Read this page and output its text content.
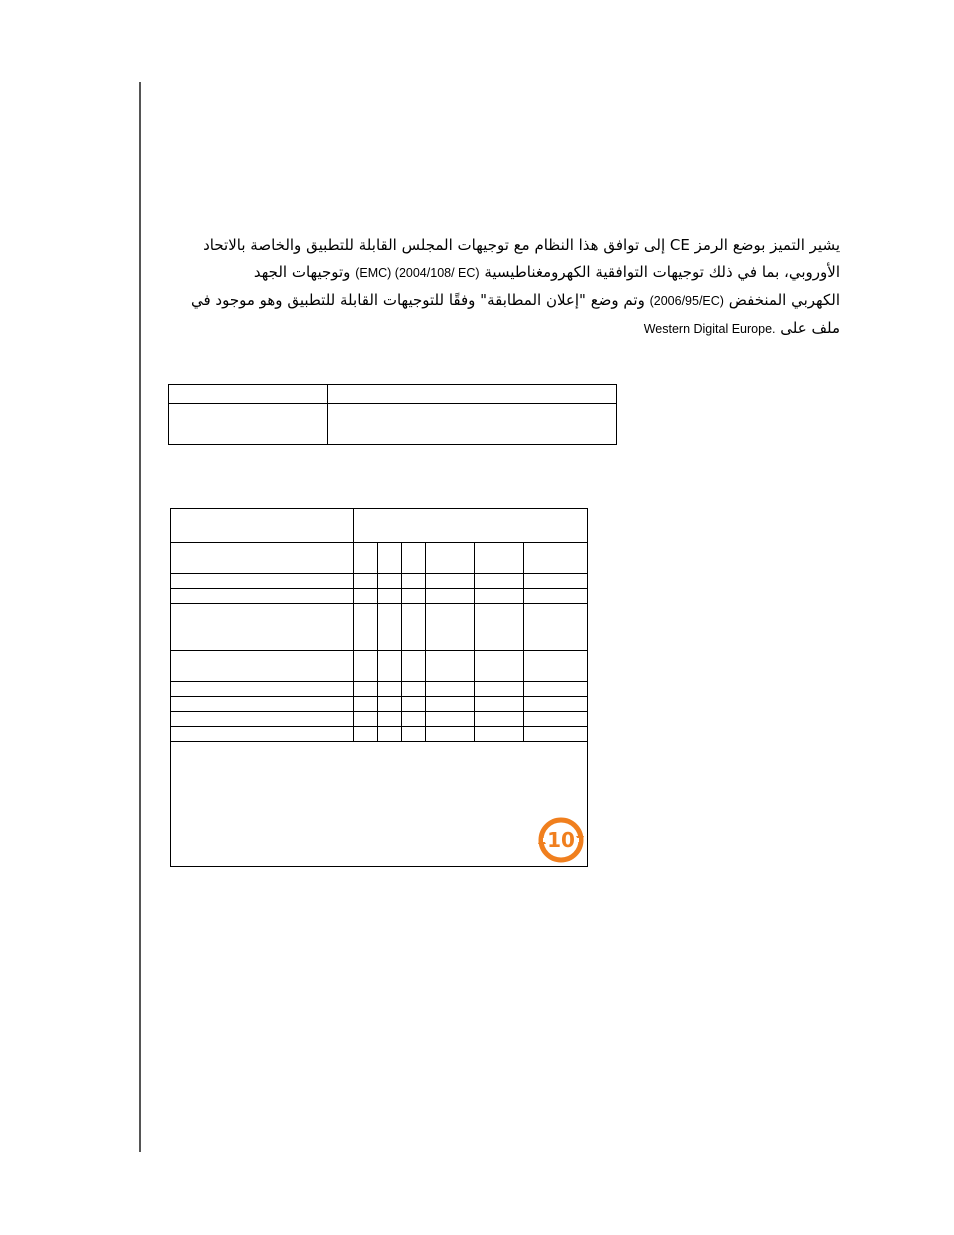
يشير التميز بوضع الرمز CE إلى توافق هذا النظام مع توجيهات المجلس القابلة للتطبيق والخاصة بالاتحاد
الأوروبي، بما في ذلك توجيهات التوافقية الكهرومغناطيسية (EMC) (2004/108/ EC) وتوجيهات الجهد
الكهربي المنخفض (2006/95/EC) وتم وضع "إعلان المطابقة" وفقًا للتوجيهات القابلة للتطبيق وهو موجود في
ملف على Western Digital Europe.

10						
